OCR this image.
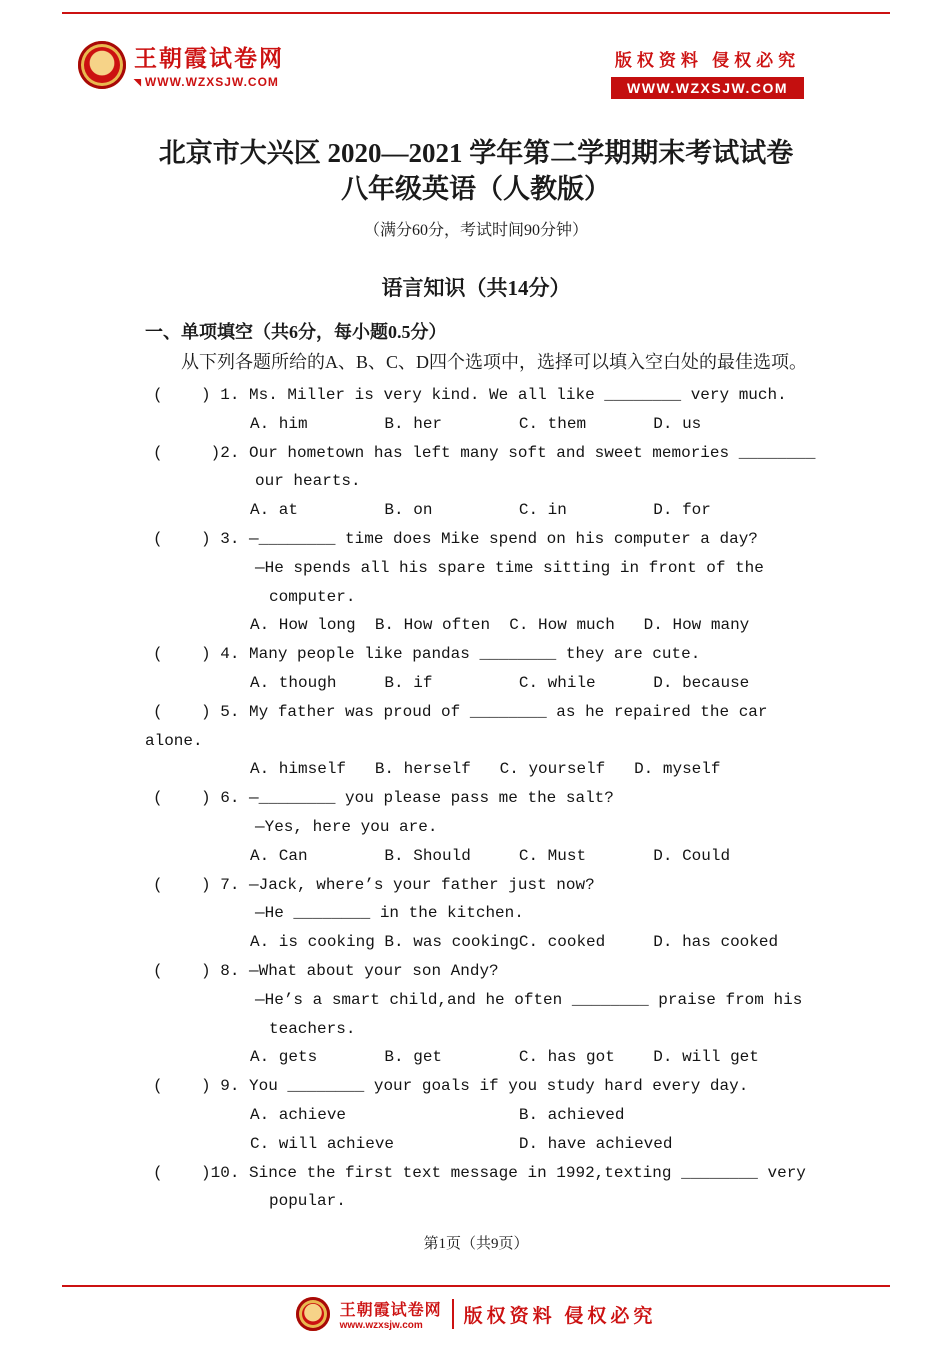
王朝霞试卷网
◥ WWW.WZXSJW.COM
版权资料 侵权必究
WWW.WZXSJW.COM
北京市大兴区 2020—2021 学年第二学期期末考试试卷
八年级英语（人教版）
（满分60分，考试时间90分钟）
语言知识（共14分）
一、单项填空（共6分，每小题0.5分）

从下列各题所给的A、B、C、D四个选项中，选择可以填入空白处的最佳选项。

(    ) 1. Ms. Miller is very kind. We all like ________ very much.
A. him        B. her        C. them       D. us
(     )2. Our hometown has left many soft and sweet memories ________
our hearts.
A. at         B. on         C. in         D. for
(    ) 3. —________ time does Mike spend on his computer a day?
—He spends all his spare time sitting in front of the
computer.
A. How long  B. How often  C. How much   D. How many
(    ) 4. Many people like pandas ________ they are cute.
A. though     B. if         C. while      D. because
(    ) 5. My father was proud of ________ as he repaired the car
alone.
A. himself   B. herself   C. yourself   D. myself
(    ) 6. —________ you please pass me the salt?
—Yes, here you are.
A. Can        B. Should     C. Must       D. Could
(    ) 7. —Jack, where’s your father just now?
—He ________ in the kitchen.
A. is cooking B. was cookingC. cooked     D. has cooked
(    ) 8. —What about your son Andy?
—He’s a smart child,and he often ________ praise from his
teachers.
A. gets       B. get        C. has got    D. will get
(    ) 9. You ________ your goals if you study hard every day.
A. achieve                  B. achieved
C. will achieve             D. have achieved
(    )10. Since the first text message in 1992,texting ________ very
popular.
第1页（共9页）
王朝霞试卷网
www.wzxsjw.com	版权资料 侵权必究
